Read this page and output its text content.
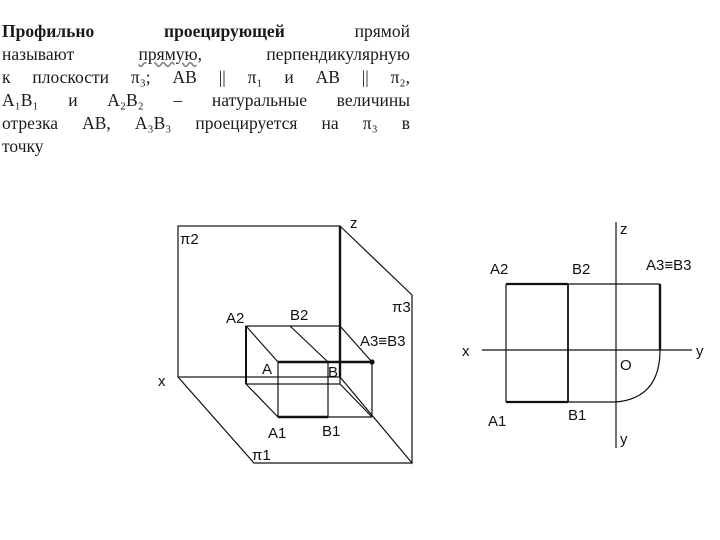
Профильно проецирующей прямой
называют прямую, перпендикулярную
к плоскости π₃; АВ || π₁ и АВ || π₂,
A₁B₁ и A₂B₂ – натуральные величины
отрезка АВ, A₃B₃ проецируется на π₃ в
точку
π2
π1
π3
z
x
A2	B2
A	B
A1 B1
A3≡B3
z
x	y
y
O
A2	B2	A3≡B3
A1	B1
